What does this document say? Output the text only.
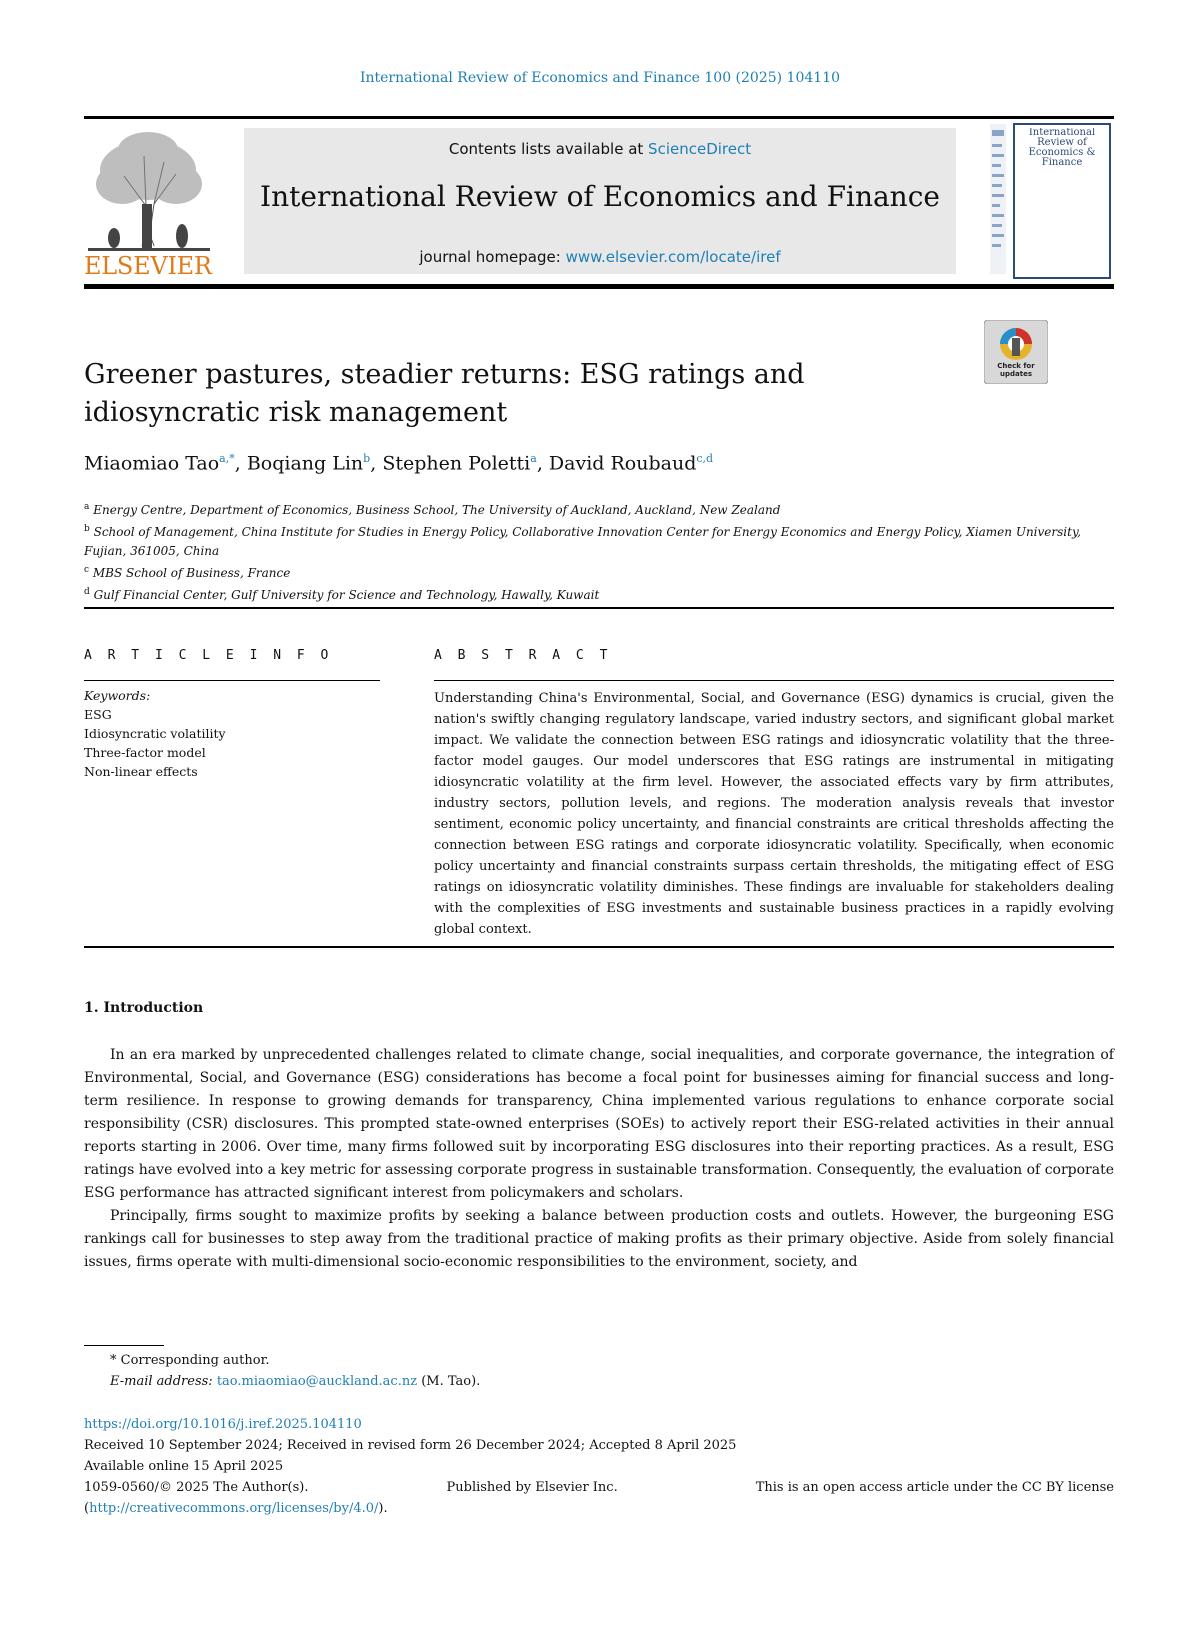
International Review of Economics and Finance 100 (2025) 104110
ELSEVIER
Contents lists available at ScienceDirect
International Review of Economics and Finance
journal homepage: www.elsevier.com/locate/iref
International Review of Economics & Finance
Check for updates
Greener pastures, steadier returns: ESG ratings and idiosyncratic risk management
Miaomiao Tao$^{a,*}$, Boqiang Lin$^b$, Stephen Poletti$^a$, David Roubaud$^{c,d}$
$^a$ Energy Centre, Department of Economics, Business School, The University of Auckland, Auckland, New Zealand
$^b$ School of Management, China Institute for Studies in Energy Policy, Collaborative Innovation Center for Energy Economics and Energy Policy, Xiamen University, Fujian, 361005, China
$^c$ MBS School of Business, France
$^d$ Gulf Financial Center, Gulf University for Science and Technology, Hawally, Kuwait
A R T I C L E I N F O	A B S T R A C T
Keywords:
ESG
Idiosyncratic volatility
Three-factor model
Non-linear effects
Understanding China's Environmental, Social, and Governance (ESG) dynamics is crucial, given the nation's swiftly changing regulatory landscape, varied industry sectors, and significant global market impact. We validate the connection between ESG ratings and idiosyncratic volatility that the three-factor model gauges. Our model underscores that ESG ratings are instrumental in mitigating idiosyncratic volatility at the firm level. However, the associated effects vary by firm attributes, industry sectors, pollution levels, and regions. The moderation analysis reveals that investor sentiment, economic policy uncertainty, and financial constraints are critical thresholds affecting the connection between ESG ratings and corporate idiosyncratic volatility. Specifically, when economic policy uncertainty and financial constraints surpass certain thresholds, the mitigating effect of ESG ratings on idiosyncratic volatility diminishes. These findings are invaluable for stakeholders dealing with the complexities of ESG investments and sustainable business practices in a rapidly evolving global context.
1. Introduction

In an era marked by unprecedented challenges related to climate change, social inequalities, and corporate governance, the integration of Environmental, Social, and Governance (ESG) considerations has become a focal point for businesses aiming for financial success and long-term resilience. In response to growing demands for transparency, China implemented various regulations to enhance corporate social responsibility (CSR) disclosures. This prompted state-owned enterprises (SOEs) to actively report their ESG-related activities in their annual reports starting in 2006. Over time, many firms followed suit by incorporating ESG disclosures into their reporting practices. As a result, ESG ratings have evolved into a key metric for assessing corporate progress in sustainable transformation. Consequently, the evaluation of corporate ESG performance has attracted significant interest from policymakers and scholars.

Principally, firms sought to maximize profits by seeking a balance between production costs and outlets. However, the burgeoning ESG rankings call for businesses to step away from the traditional practice of making profits as their primary objective. Aside from solely financial issues, firms operate with multi-dimensional socio-economic responsibilities to the environment, society, and

* Corresponding author.
E-mail address: tao.miaomiao@auckland.ac.nz (M. Tao).
https://doi.org/10.1016/j.iref.2025.104110
Received 10 September 2024; Received in revised form 26 December 2024; Accepted 8 April 2025
Available online 15 April 2025
1059-0560/© 2025 The Author(s).	Published by Elsevier Inc.	This is an open access article under the CC BY license
(http://creativecommons.org/licenses/by/4.0/).
